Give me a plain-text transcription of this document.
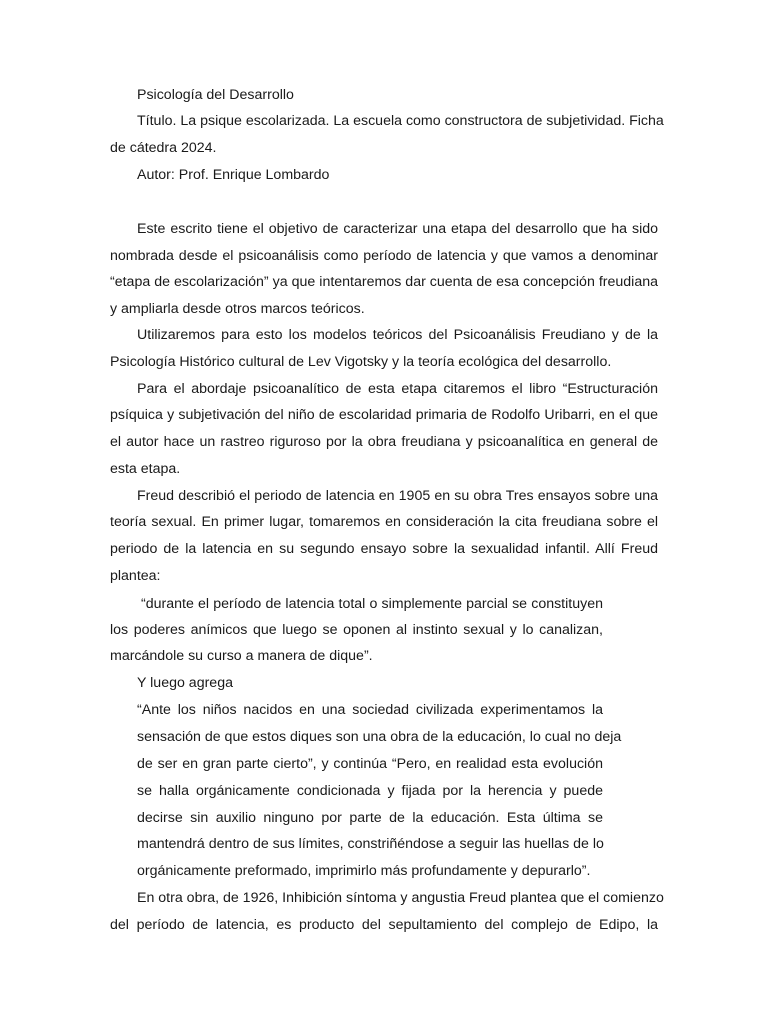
Psicología del Desarrollo
Título. La psique escolarizada. La escuela como constructora de subjetividad. Ficha
de cátedra 2024.
Autor: Prof. Enrique Lombardo
Este escrito tiene el objetivo de caracterizar una etapa del desarrollo que ha sido
nombrada desde el psicoanálisis como período de latencia y que vamos a denominar
“etapa de escolarización” ya que intentaremos dar cuenta de esa concepción freudiana
y ampliarla desde otros marcos teóricos.
Utilizaremos para esto los modelos teóricos del Psicoanálisis Freudiano y de la
Psicología Histórico cultural de Lev Vigotsky y la teoría ecológica del desarrollo.
Para el abordaje psicoanalítico de esta etapa citaremos el libro “Estructuración
psíquica y subjetivación del niño de escolaridad primaria de Rodolfo Uribarri, en el que
el autor hace un rastreo riguroso por la obra freudiana y psicoanalítica en general de
esta etapa.
Freud describió el periodo de latencia en 1905 en su obra Tres ensayos sobre una
teoría sexual. En primer lugar, tomaremos en consideración la cita freudiana sobre el
periodo de la latencia en su segundo ensayo sobre la sexualidad infantil. Allí Freud
plantea:
“durante el período de latencia total o simplemente parcial se constituyen
los poderes anímicos que luego se oponen al instinto sexual y lo canalizan,
marcándole su curso a manera de dique”.
Y luego agrega
“Ante los niños nacidos en una sociedad civilizada experimentamos la
sensación de que estos diques son una obra de la educación, lo cual no deja
de ser en gran parte cierto”, y continúa “Pero, en realidad esta evolución
se halla orgánicamente condicionada y fijada por la herencia y puede
decirse sin auxilio ninguno por parte de la educación. Esta última se
mantendrá dentro de sus límites, constriñéndose a seguir las huellas de lo
orgánicamente preformado, imprimirlo más profundamente y depurarlo”.
En otra obra, de 1926, Inhibición síntoma y angustia Freud plantea que el comienzo
del período de latencia, es producto del sepultamiento del complejo de Edipo, la
